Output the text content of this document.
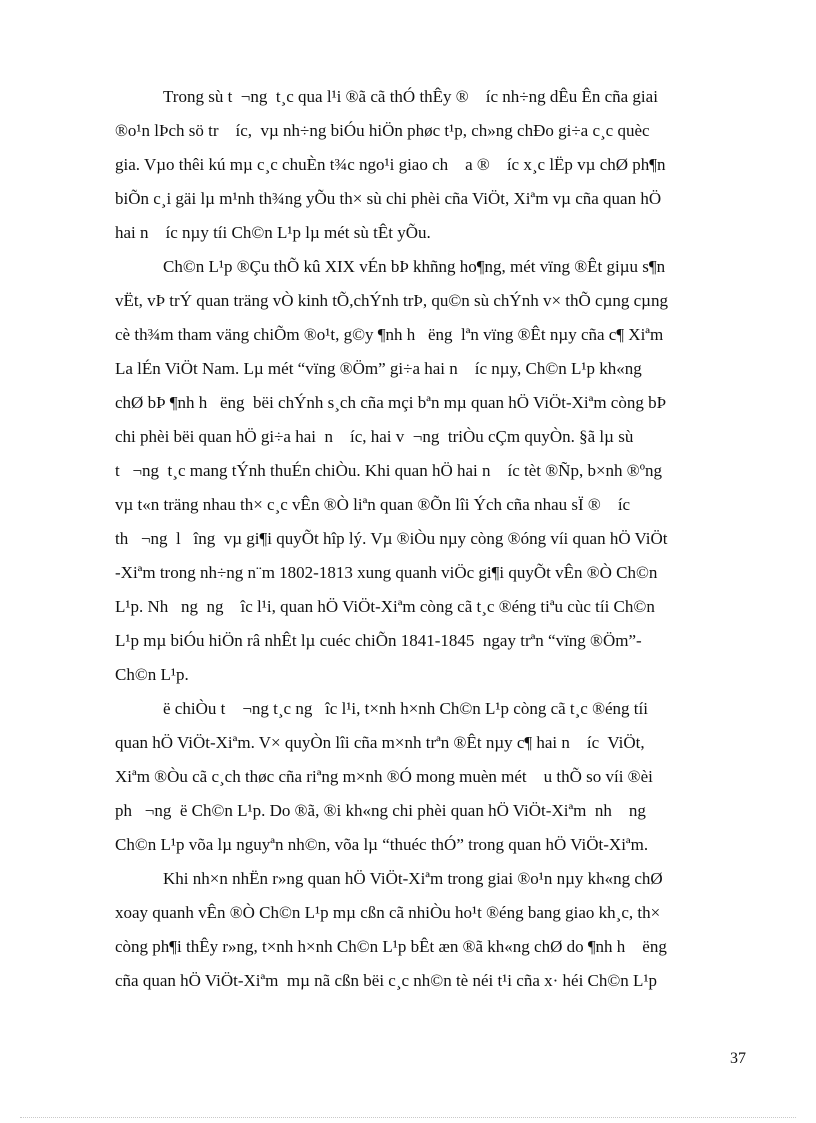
Trong sù t  ¬ng  t¸c qua l¹i ®ã cã thÓ thÊy ®    íc nh÷ng dÊu Ên cña giai
®o¹n lÞch sö tr    íc,  vµ nh÷ng biÓu hiÖn phøc t¹p, ch»ng chÐo gi÷a c¸c quèc
gia. Vµo thêi kú mµ c¸c chuÈn t¾c ngo¹i giao ch    a ®    íc x¸c lËp vµ chØ ph¶n
biÕn c¸i gäi lµ m¹nh th¾ng yÕu th× sù chi phèi cña ViÖt, Xiªm vµ cña quan hÖ
hai n    íc nµy tíi Ch©n L¹p lµ mét sù tÊt yÕu.
Ch©n L¹p ®Çu thÕ kû XIX vÉn bÞ khñng ho¶ng, mét vïng ®Êt giµu s¶n
vËt, vÞ trÝ quan träng vÒ kinh tÕ,chÝnh trÞ, qu©n sù chÝnh v× thÕ cµng cµng
cè th¾m tham väng chiÕm ®o¹t, g©y ¶nh h   ëng  lªn vïng ®Êt nµy cña c¶ Xiªm
La lÉn ViÖt Nam. Lµ mét “vïng ®Öm” gi÷a hai n    íc nµy, Ch©n L¹p kh«ng
chØ bÞ ¶nh h   ëng  bëi chÝnh s¸ch cña mçi bªn mµ quan hÖ ViÖt-Xiªm còng bÞ
chi phèi bëi quan hÖ gi÷a hai  n    íc, hai v  ¬ng  triÒu cÇm quyÒn. §ã lµ sù
t   ¬ng  t¸c mang tÝnh thuÉn chiÒu. Khi quan hÖ hai n    íc tèt ®Ñp, b×nh ®ºng
vµ t«n träng nhau th× c¸c vÊn ®Ò liªn quan ®Õn lîi Ých cña nhau sÏ ®    íc
th   ¬ng  l   îng  vµ gi¶i quyÕt hîp lý. Vµ ®iÒu nµy còng ®óng víi quan hÖ ViÖt
-Xiªm trong nh÷ng n¨m 1802-1813 xung quanh viÖc gi¶i quyÕt vÊn ®Ò Ch©n
L¹p. Nh   ng  ng    îc l¹i, quan hÖ ViÖt-Xiªm còng cã t¸c ®éng tiªu cùc tíi Ch©n
L¹p mµ biÓu hiÖn râ nhÊt lµ cuéc chiÕn 1841-1845  ngay trªn “vïng ®Öm”-
Ch©n L¹p.
ë chiÒu t    ¬ng t¸c ng   îc l¹i, t×nh h×nh Ch©n L¹p còng cã t¸c ®éng tíi
quan hÖ ViÖt-Xiªm. V× quyÒn lîi cña m×nh trªn ®Êt nµy c¶ hai n    íc  ViÖt,
Xiªm ®Òu cã c¸ch thøc cña riªng m×nh ®Ó mong muèn mét    u thÕ so víi ®èi
ph   ¬ng  ë Ch©n L¹p. Do ®ã, ®i kh«ng chi phèi quan hÖ ViÖt-Xiªm  nh    ng
Ch©n L¹p võa lµ nguyªn nh©n, võa lµ “thuéc thÓ” trong quan hÖ ViÖt-Xiªm.
Khi nh×n nhËn r»ng quan hÖ ViÖt-Xiªm trong giai ®o¹n nµy kh«ng chØ
xoay quanh vÊn ®Ò Ch©n L¹p mµ cßn cã nhiÒu ho¹t ®éng bang giao kh¸c, th×
còng ph¶i thÊy r»ng, t×nh h×nh Ch©n L¹p bÊt æn ®ã kh«ng chØ do ¶nh h    ëng
cña quan hÖ ViÖt-Xiªm  mµ nã cßn bëi c¸c nh©n tè néi t¹i cña x· héi Ch©n L¹p
37
